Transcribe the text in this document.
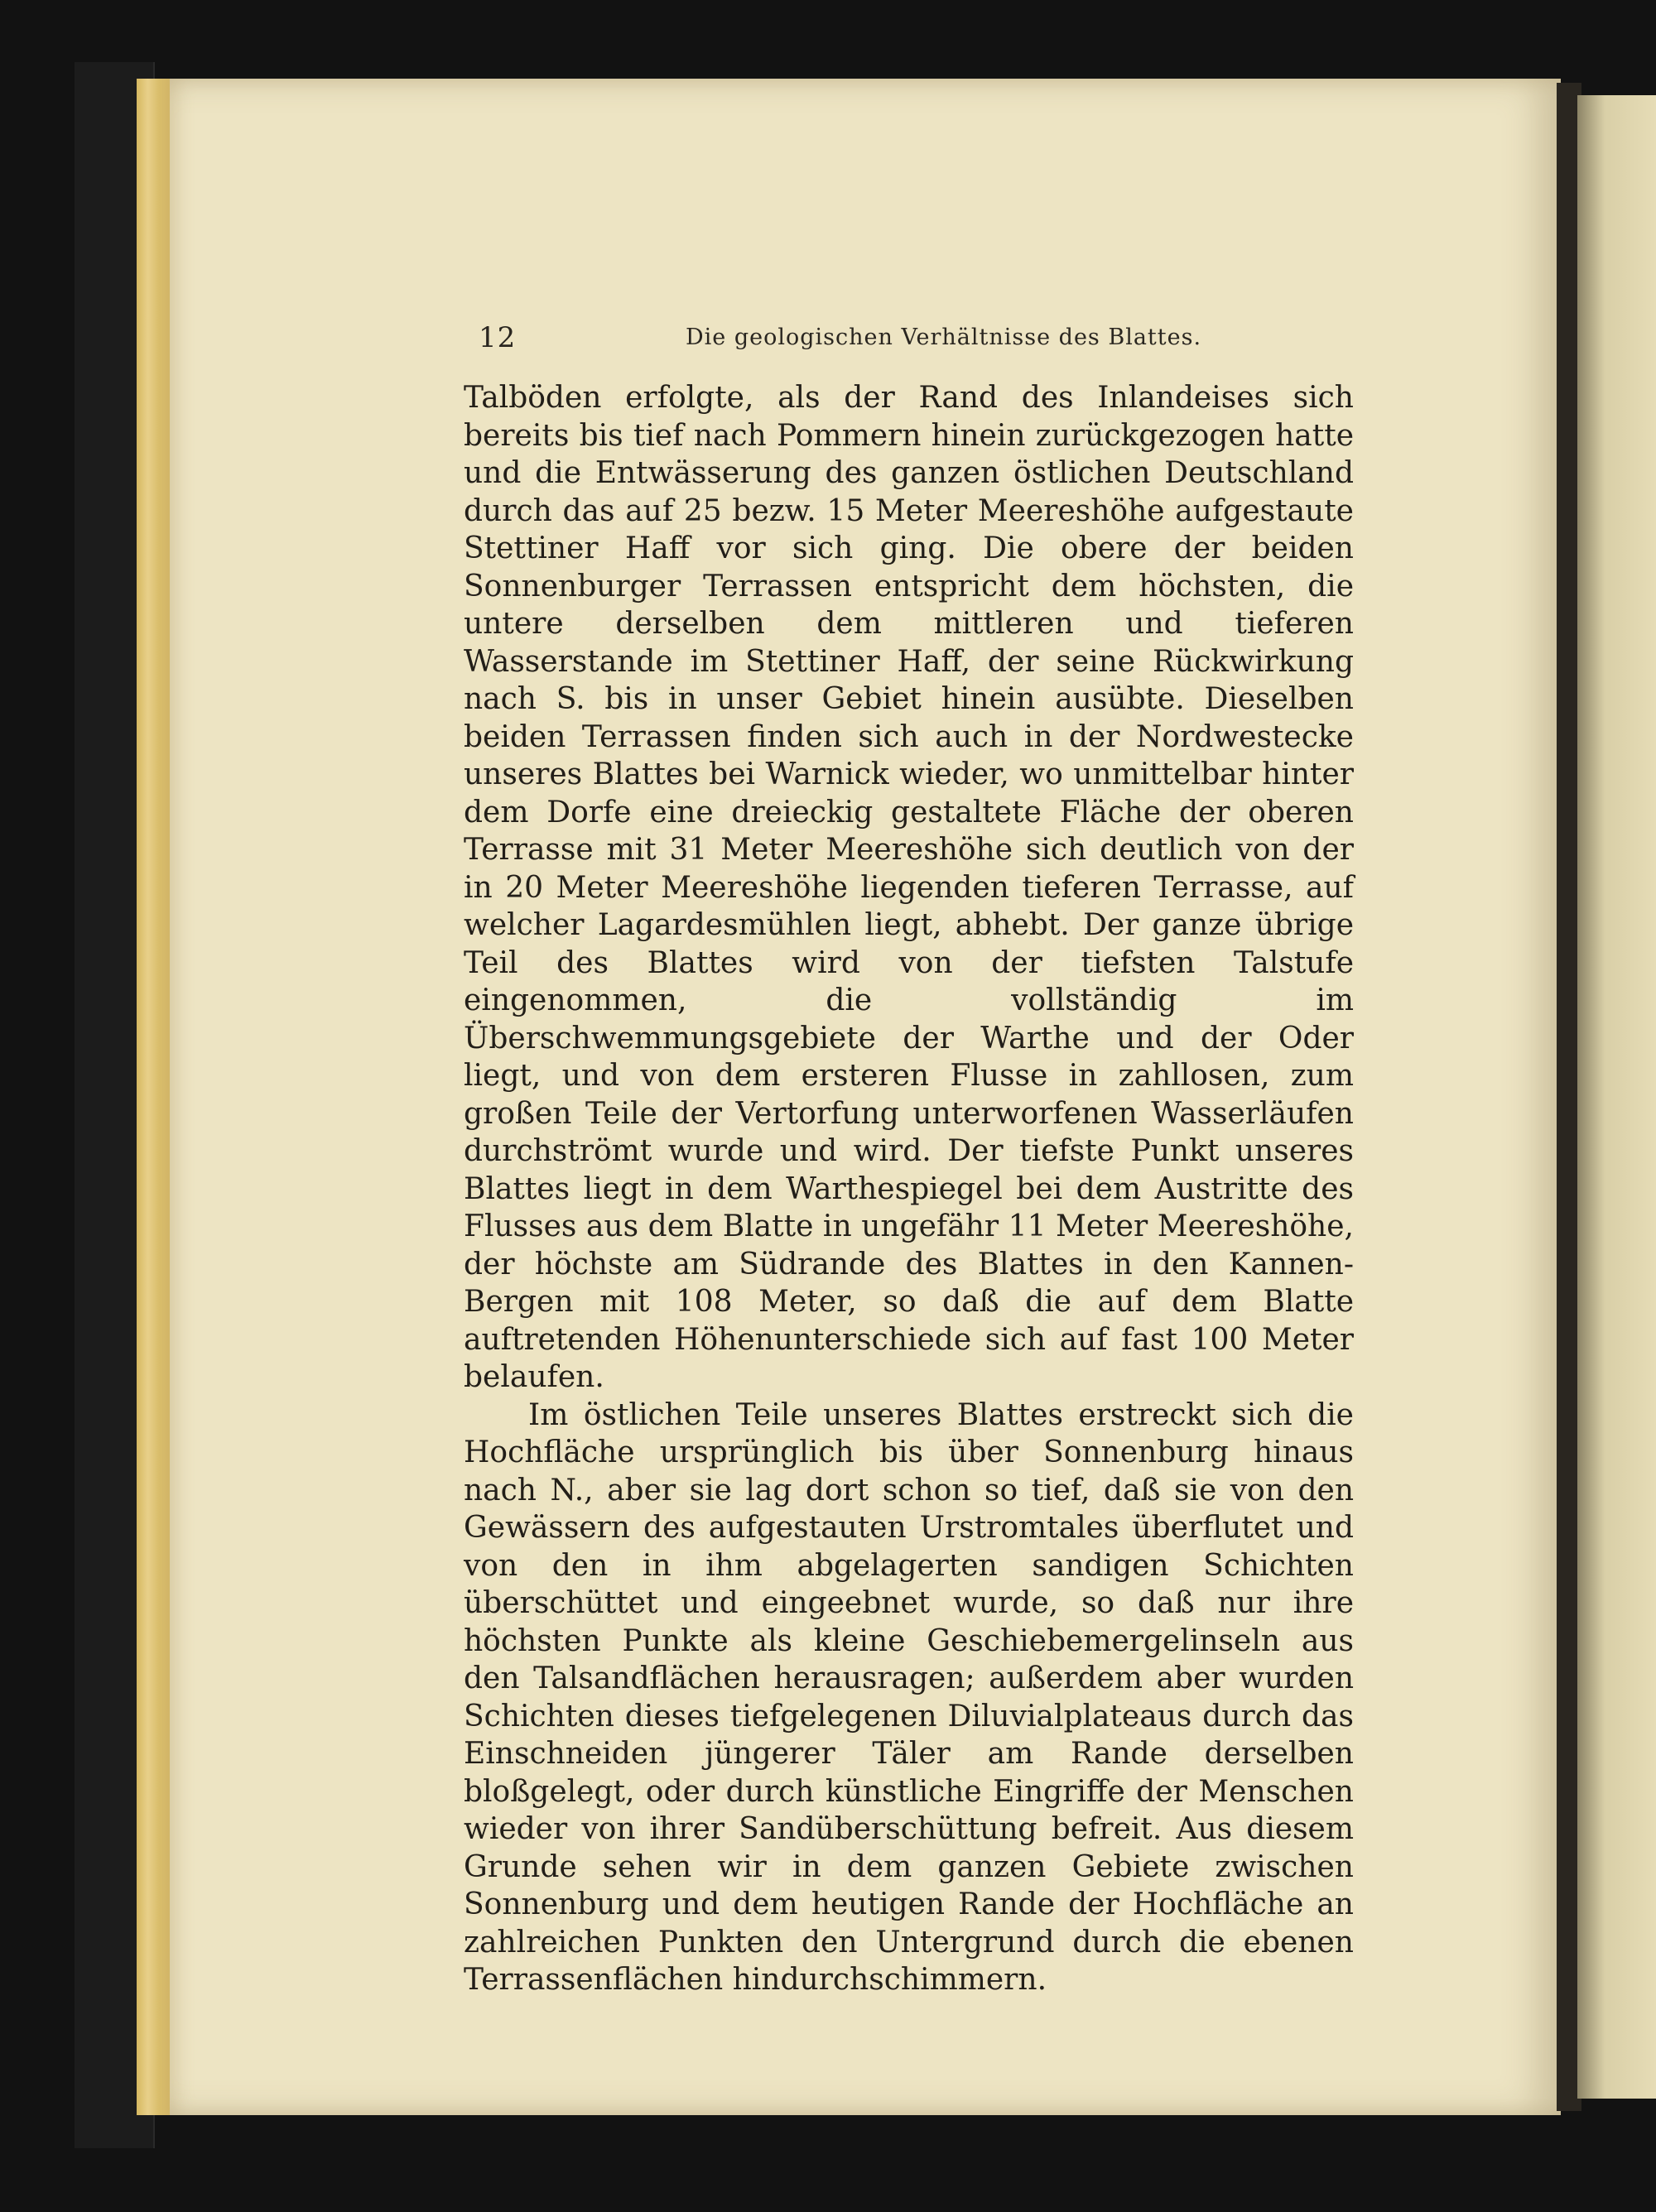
12	Die geologischen Verhältnisse des Blattes.

Talböden erfolgte, als der Rand des Inlandeises sich bereits bis tief nach Pommern hinein zurückgezogen hatte und die Entwässerung des ganzen östlichen Deutschland durch das auf 25 bezw. 15 Meter Meereshöhe aufgestaute Stettiner Haff vor sich ging. Die obere der beiden Sonnenburger Terrassen entspricht dem höchsten, die untere derselben dem mittleren und tieferen Wasserstande im Stettiner Haff, der seine Rückwirkung nach S. bis in unser Gebiet hinein ausübte. Dieselben beiden Terrassen finden sich auch in der Nordwestecke unseres Blattes bei Warnick wieder, wo unmittelbar hinter dem Dorfe eine dreieckig gestaltete Fläche der oberen Terrasse mit 31 Meter Meereshöhe sich deutlich von der in 20 Meter Meereshöhe liegenden tieferen Terrasse, auf welcher Lagardesmühlen liegt, abhebt. Der ganze übrige Teil des Blattes wird von der tiefsten Talstufe eingenommen, die vollständig im Überschwemmungsgebiete der Warthe und der Oder liegt, und von dem ersteren Flusse in zahllosen, zum großen Teile der Vertorfung unterworfenen Wasserläufen durchströmt wurde und wird. Der tiefste Punkt unseres Blattes liegt in dem Warthespiegel bei dem Austritte des Flusses aus dem Blatte in ungefähr 11 Meter Meereshöhe, der höchste am Südrande des Blattes in den Kannen-Bergen mit 108 Meter, so daß die auf dem Blatte auftretenden Höhenunterschiede sich auf fast 100 Meter belaufen.

Im östlichen Teile unseres Blattes erstreckt sich die Hochfläche ursprünglich bis über Sonnenburg hinaus nach N., aber sie lag dort schon so tief, daß sie von den Gewässern des aufgestauten Urstromtales überflutet und von den in ihm abgelagerten sandigen Schichten überschüttet und eingeebnet wurde, so daß nur ihre höchsten Punkte als kleine Geschiebemergelinseln aus den Talsandflächen herausragen; außerdem aber wurden Schichten dieses tiefgelegenen Diluvialplateaus durch das Einschneiden jüngerer Täler am Rande derselben bloßgelegt, oder durch künstliche Eingriffe der Menschen wieder von ihrer Sandüberschüttung befreit. Aus diesem Grunde sehen wir in dem ganzen Gebiete zwischen Sonnenburg und dem heutigen Rande der Hochfläche an zahlreichen Punkten den Untergrund durch die ebenen Terrassenflächen hindurchschimmern.
